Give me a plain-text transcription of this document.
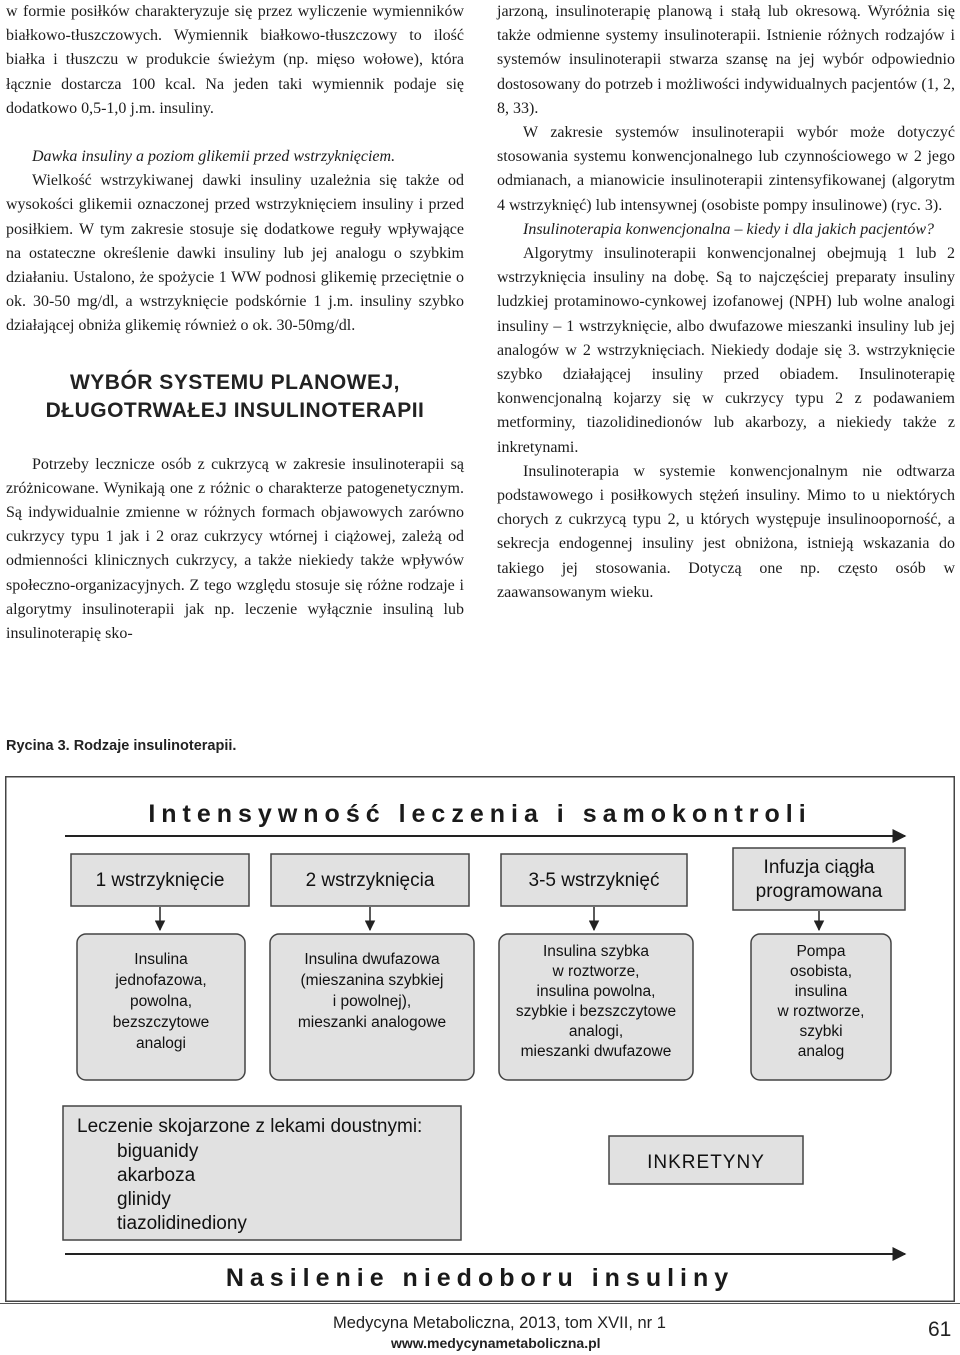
w formie posiłków charakteryzuje się przez wyliczenie wymienników białkowo-tłuszczowych. Wymiennik białkowo-tłuszczowy to ilość białka i tłuszczu w produkcie świeżym (np. mięso wołowe), która łącznie dostarcza 100 kcal. Na jeden taki wymiennik podaje się dodatkowo 0,5-1,0 j.m. insuliny.

Dawka insuliny a poziom glikemii przed wstrzyknięciem.

Wielkość wstrzykiwanej dawki insuliny uzależnia się także od wysokości glikemii oznaczonej przed wstrzyknięciem insuliny i przed posiłkiem. W tym zakresie stosuje się dodatkowe reguły wpływające na ostateczne określenie dawki insuliny lub jej analogu o szybkim działaniu. Ustalono, że spożycie 1 WW podnosi glikemię przeciętnie o ok. 30-50 mg/dl, a wstrzyknięcie podskórnie 1 j.m. insuliny szybko działającej obniża glikemię również o ok. 30-50mg/dl.

WYBÓR SYSTEMU PLANOWEJ,
DŁUGOTRWAŁEJ INSULINOTERAPII

Potrzeby lecznicze osób z cukrzycą w zakresie insulinoterapii są zróżnicowane. Wynikają one z różnic o charakterze patogenetycznym. Są indywidualnie zmienne w różnych formach objawowych zarówno cukrzycy typu 1 jak i 2 oraz cukrzycy wtórnej i ciążowej, zależą od odmienności klinicznych cukrzycy, a także niekiedy także wpływów społeczno-organizacyjnych. Z tego względu stosuje się różne rodzaje i algorytmy insulinoterapii jak np. leczenie wyłącznie insuliną lub insulinoterapię sko-

jarzoną, insulinoterapię planową i stałą lub okresową. Wyróżnia się także odmienne systemy insulinoterapii. Istnienie różnych rodzajów i systemów insulinoterapii stwarza szansę na jej wybór odpowiednio dostosowany do potrzeb i możliwości indywidualnych pacjentów (1, 2, 8, 33).

W zakresie systemów insulinoterapii wybór może dotyczyć stosowania systemu konwencjonalnego lub czynnościowego w 2 jego odmianach, a mianowicie insulinoterapii zintensyfikowanej (algorytm 4 wstrzyknięć) lub intensywnej (osobiste pompy insulinowe) (ryc. 3).

Insulinoterapia konwencjonalna – kiedy i dla jakich pacjentów?

Algorytmy insulinoterapii konwencjonalnej obejmują 1 lub 2 wstrzyknięcia insuliny na dobę. Są to najczęściej preparaty insuliny ludzkiej protaminowo-cynkowej izofanowej (NPH) lub wolne analogi insuliny – 1 wstrzyknięcie, albo dwufazowe mieszanki insuliny lub jej analogów w 2 wstrzyknięciach. Niekiedy dodaje się 3. wstrzyknięcie szybko działającej insuliny przed obiadem. Insulinoterapię konwencjonalną kojarzy się w cukrzycy typu 2 z podawaniem metforminy, tiazolidinedionów lub akarbozy, a niekiedy także z inkretynami.

Insulinoterapia w systemie konwencjonalnym nie odtwarza podstawowego i posiłkowych stężeń insuliny. Mimo to u niektórych chorych z cukrzycą typu 2, u których występuje insulinooporność, a sekrecja endogennej insuliny jest obniżona, istnieją wskazania do takiego jej stosowania. Dotyczą one np. często osób w zaawansowanym wieku.

Rycina 3. Rodzaje insulinoterapii.
Intensywność leczenia i samokontroli
1 wstrzyknięcie	2 wstrzyknięcia	3-5 wstrzyknięć
Infuzja ciągła
programowana
Insulina
jednofazowa,
powolna,
bezszczytowe
analogi
Insulina dwufazowa
(mieszanina szybkiej
i powolnej),
mieszanki analogowe
Insulina szybka
w roztworze,
insulina powolna,
szybkie i bezszczytowe
analogi,
mieszanki dwufazowe
Pompa
osobista,
insulina
w roztworze,
szybki
analog
Leczenie skojarzone z lekami doustnymi:
biguanidy
akarboza
glinidy
tiazolidinediony
INKRETYNY
Nasilenie niedoboru insuliny
Medycyna Metaboliczna, 2013, tom XVII, nr 1
www.medycynametaboliczna.pl
61
